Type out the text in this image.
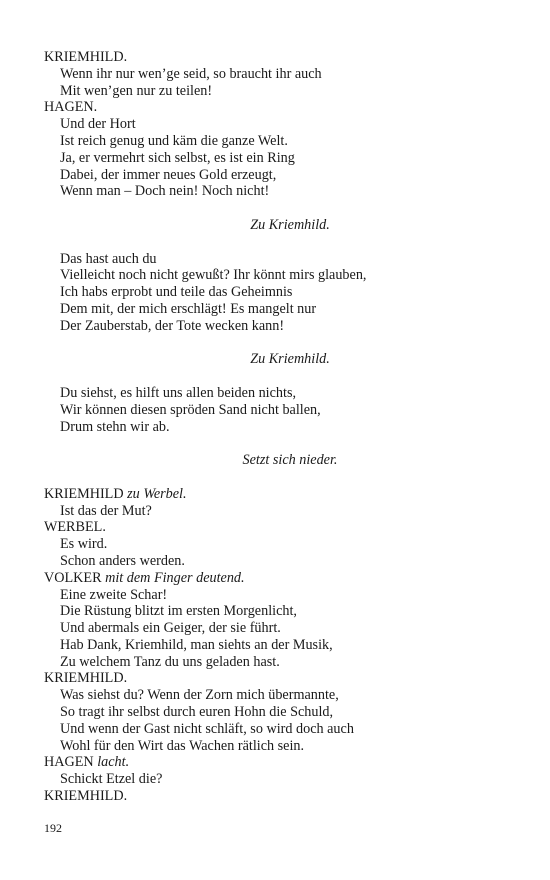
KRIEMHILD.
Wenn ihr nur wen’ge seid, so braucht ihr auch
Mit wen’gen nur zu teilen!
HAGEN.
Und der Hort
Ist reich genug und käm die ganze Welt.
Ja, er vermehrt sich selbst, es ist ein Ring
Dabei, der immer neues Gold erzeugt,
Wenn man – Doch nein! Noch nicht!
Zu Kriemhild.
Das hast auch du
Vielleicht noch nicht gewußt? Ihr könnt mirs glauben,
Ich habs erprobt und teile das Geheimnis
Dem mit, der mich erschlägt! Es mangelt nur
Der Zauberstab, der Tote wecken kann!
Zu Kriemhild.
Du siehst, es hilft uns allen beiden nichts,
Wir können diesen spröden Sand nicht ballen,
Drum stehn wir ab.
Setzt sich nieder.
KRIEMHILD zu Werbel.
Ist das der Mut?
WERBEL.
Es wird.
Schon anders werden.
VOLKER mit dem Finger deutend.
Eine zweite Schar!
Die Rüstung blitzt im ersten Morgenlicht,
Und abermals ein Geiger, der sie führt.
Hab Dank, Kriemhild, man siehts an der Musik,
Zu welchem Tanz du uns geladen hast.
KRIEMHILD.
Was siehst du? Wenn der Zorn mich übermannte,
So tragt ihr selbst durch euren Hohn die Schuld,
Und wenn der Gast nicht schläft, so wird doch auch
Wohl für den Wirt das Wachen rätlich sein.
HAGEN lacht.
Schickt Etzel die?
KRIEMHILD.
192
